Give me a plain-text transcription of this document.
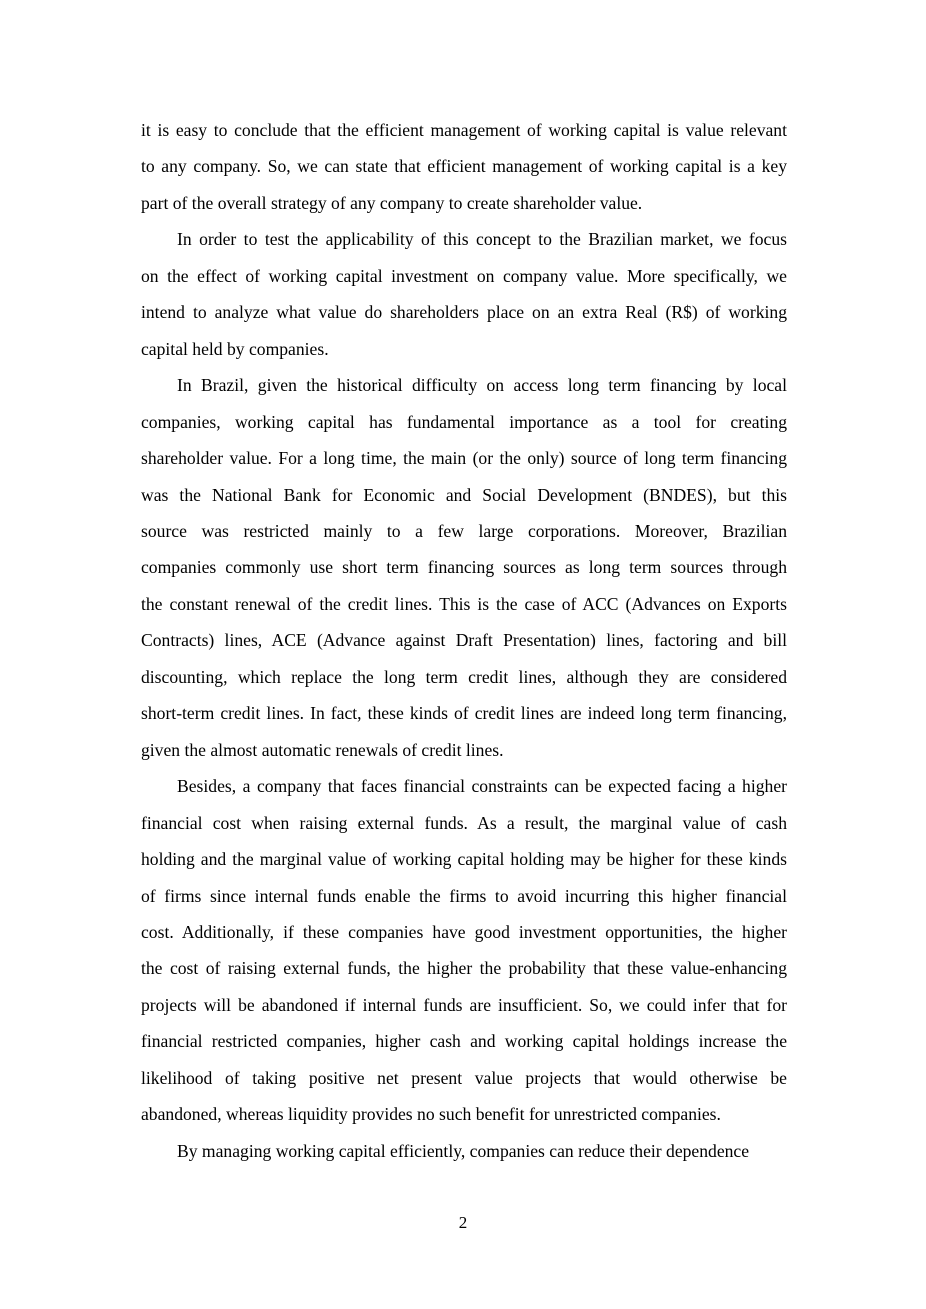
it is easy to conclude that the efficient management of working capital is value relevant
to any company. So, we can state that efficient management of working capital is a key
part of the overall strategy of any company to create shareholder value.
In order to test the applicability of this concept to the Brazilian market, we focus
on the effect of working capital investment on company value. More specifically, we
intend to analyze what value do shareholders place on an extra Real (R$) of working
capital held by companies.
In Brazil, given the historical difficulty on access long term financing by local
companies, working capital has fundamental importance as a tool for creating
shareholder value. For a long time, the main (or the only) source of long term financing
was the National Bank for Economic and Social Development (BNDES), but this
source was restricted mainly to a few large corporations. Moreover, Brazilian
companies commonly use short term financing sources as long term sources through
the constant renewal of the credit lines. This is the case of ACC (Advances on Exports
Contracts) lines, ACE (Advance against Draft Presentation) lines, factoring and bill
discounting, which replace the long term credit lines, although they are considered
short-term credit lines. In fact, these kinds of credit lines are indeed long term financing,
given the almost automatic renewals of credit lines.
Besides, a company that faces financial constraints can be expected facing a higher
financial cost when raising external funds. As a result, the marginal value of cash
holding and the marginal value of working capital holding may be higher for these kinds
of firms since internal funds enable the firms to avoid incurring this higher financial
cost. Additionally, if these companies have good investment opportunities, the higher
the cost of raising external funds, the higher the probability that these value-enhancing
projects will be abandoned if internal funds are insufficient. So, we could infer that for
financial restricted companies, higher cash and working capital holdings increase the
likelihood of taking positive net present value projects that would otherwise be
abandoned, whereas liquidity provides no such benefit for unrestricted companies.
By managing working capital efficiently, companies can reduce their dependence
2
